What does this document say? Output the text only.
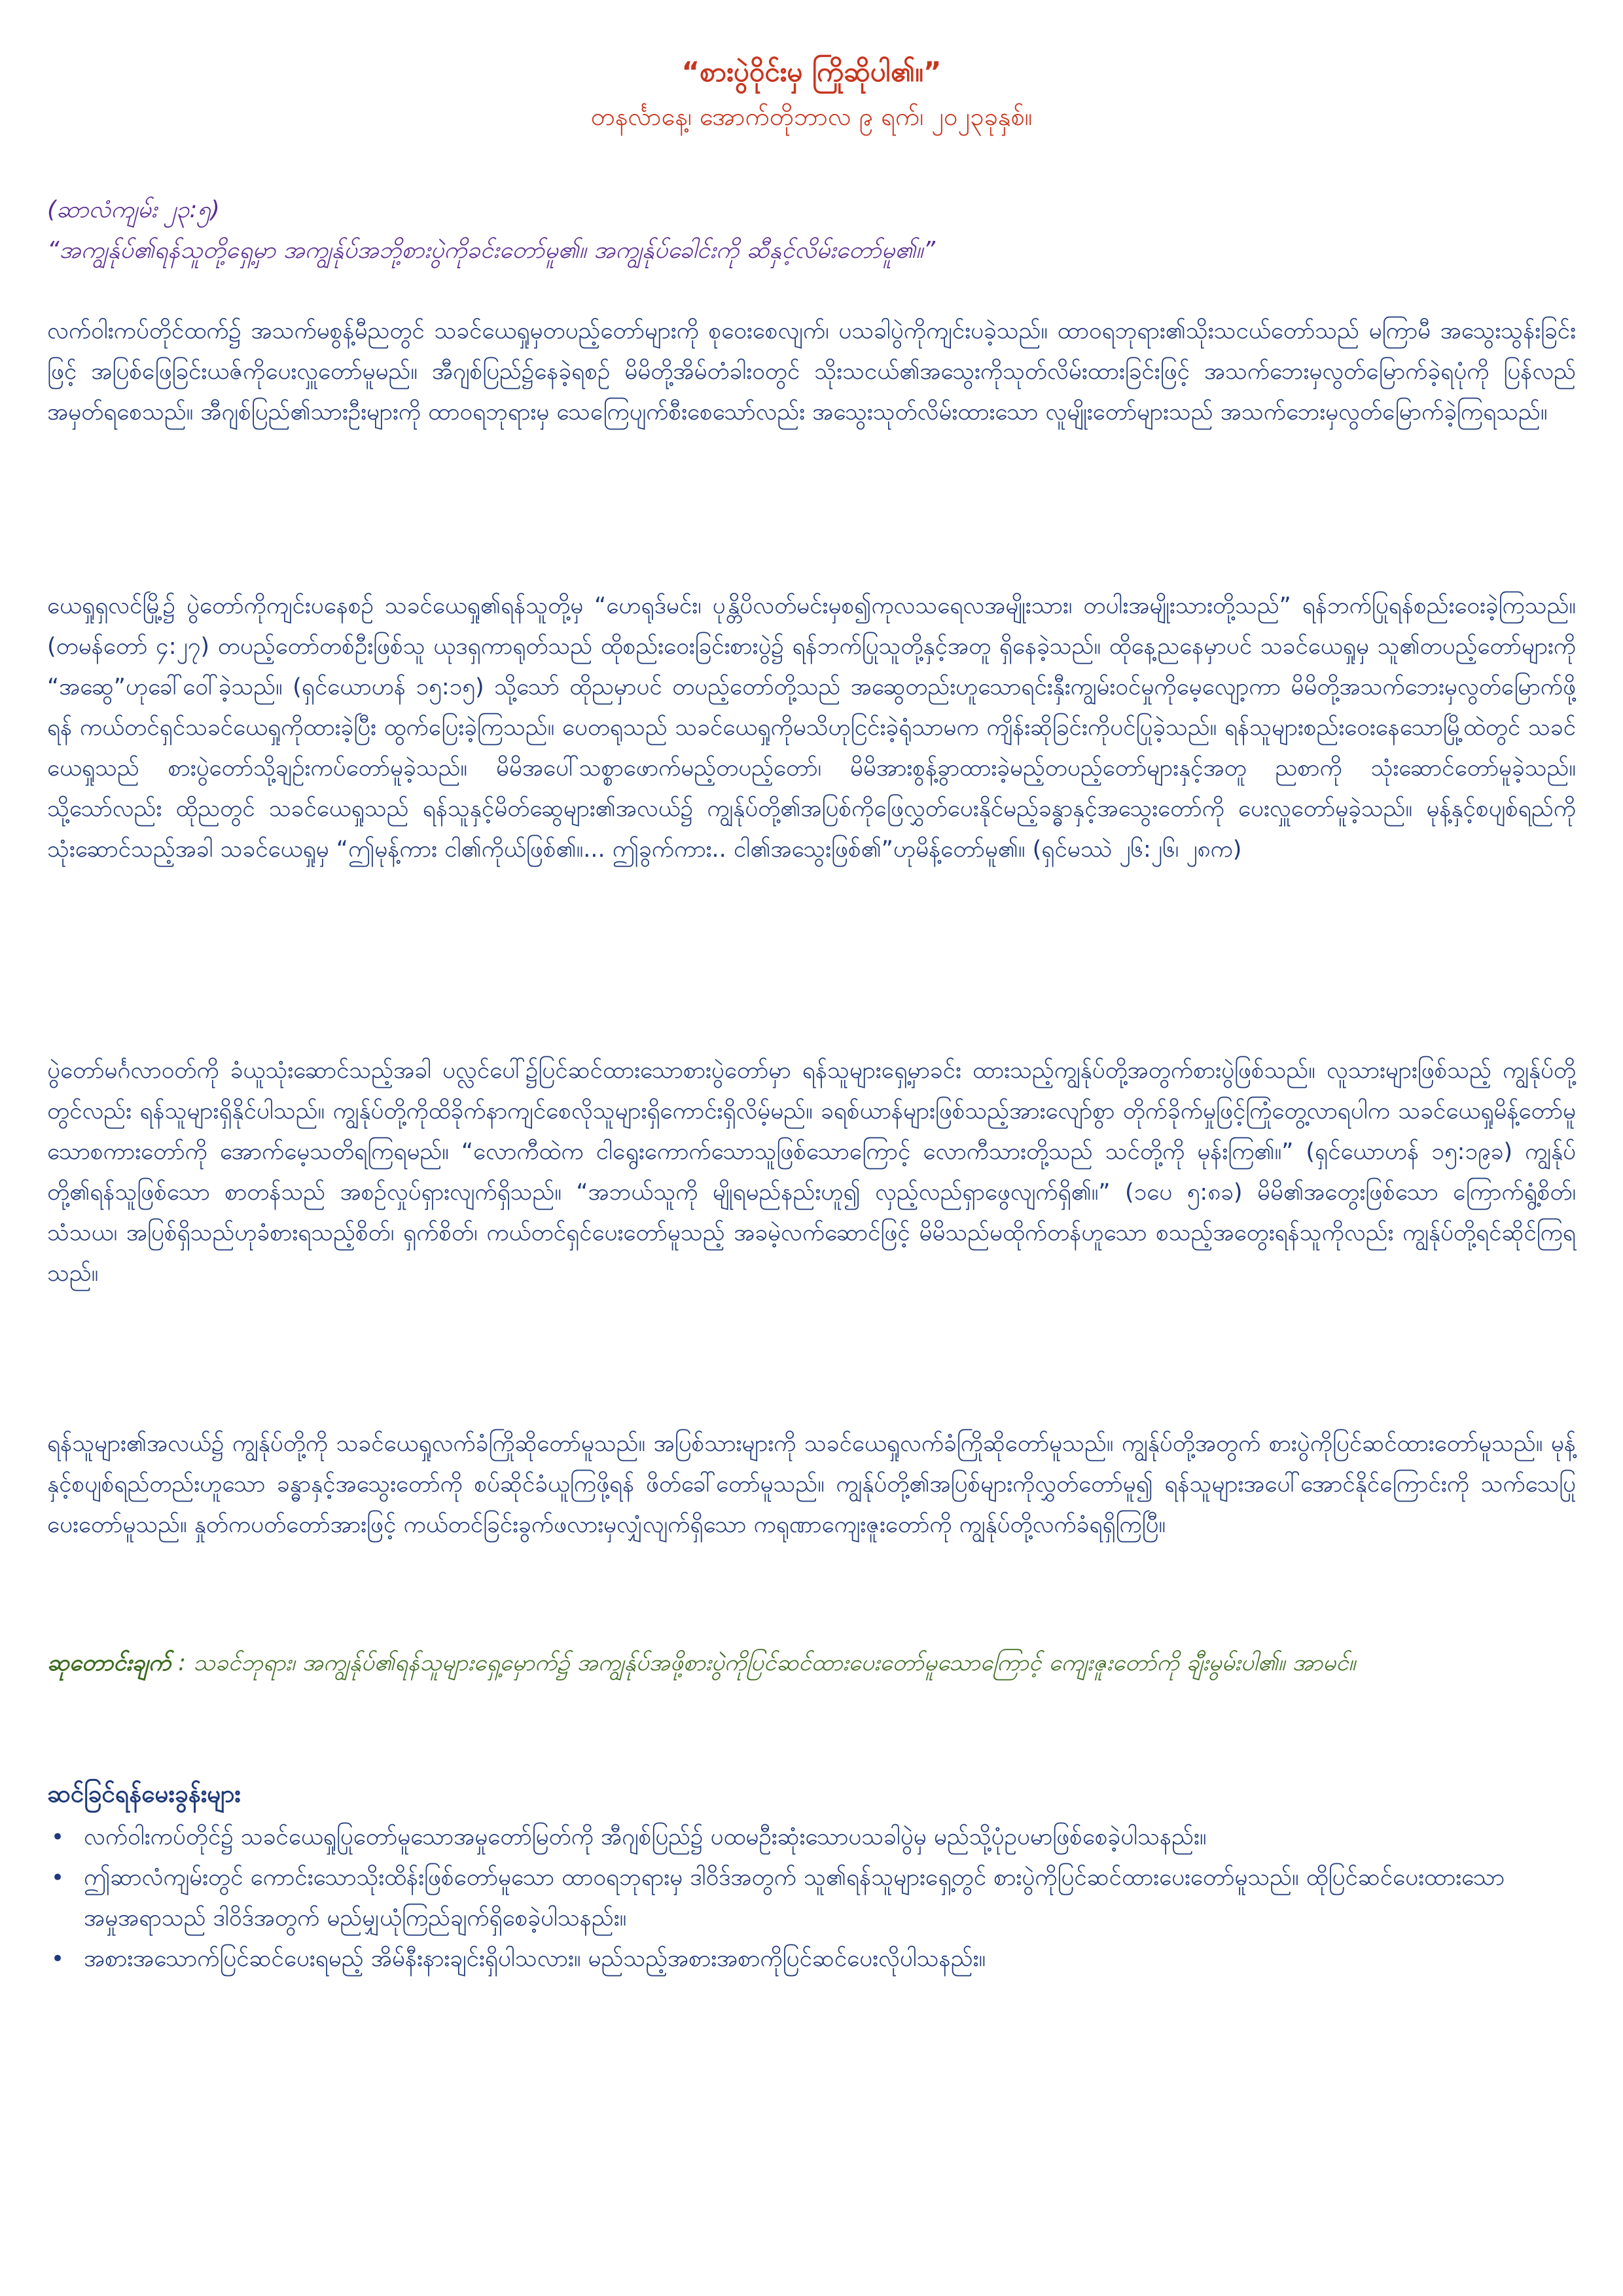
“စားပွဲဝိုင်းမှ ကြိုဆိုပါ၏။”
တနင်္လာနေ့၊ အောက်တိုဘာလ ၉ ရက်၊ ၂၀၂၃ခုနှစ်။
(ဆာလံကျမ်း ၂၃:၅)
“အကျွန်ုပ်၏ရန်သူတို့ရှေ့မှာ အကျွန်ုပ်အဘို့စားပွဲကိုခင်းတော်မူ၏။ အကျွန်ုပ်ခေါင်းကို ဆီနှင့်လိမ်းတော်မူ၏။”

လက်ဝါးကပ်တိုင်ထက်၌ အသက်မစွန့်မီညတွင် သခင်ယေရှုမှတပည့်တော်များကို စုဝေးစေလျက်၊ ပသခါပွဲကိုကျင်းပခဲ့သည်။ ထာဝရဘုရား၏သိုးသငယ်တော်သည် မကြာမီ အသွေးသွန်းခြင်းဖြင့် အပြစ်ဖြေခြင်းယဇ်ကိုပေးလှူတော်မူမည်။ အီဂျစ်ပြည်၌နေခဲ့ရစဉ် မိမိတို့အိမ်တံခါးဝတွင် သိုးသငယ်၏အသွေးကိုသုတ်လိမ်းထားခြင်းဖြင့် အသက်ဘေးမှလွတ်မြောက်ခဲ့ရပုံကို ပြန်လည်အမှတ်ရစေသည်။ အီဂျစ်ပြည်၏သားဦးများကို ထာဝရဘုရားမှ သေကြေပျက်စီးစေသော်လည်း အသွေးသုတ်လိမ်းထားသော လူမျိုးတော်များသည် အသက်ဘေးမှလွတ်မြောက်ခဲ့ကြရသည်။

ယေရှုရှလင်မြို့၌ ပွဲတော်ကိုကျင်းပနေစဉ် သခင်ယေရှု၏ရန်သူတို့မှ “ဟေရုဒ်မင်း၊ ပုန္တိပိလတ်မင်းမှစ၍ကုလသရေလအမျိုးသား၊ တပါးအမျိုးသားတို့သည်” ရန်ဘက်ပြုရန်စည်းဝေးခဲ့ကြသည်။ (တမန်တော် ၄:၂၇) တပည့်တော်တစ်ဦးဖြစ်သူ ယုဒရှကာရုတ်သည် ထိုစည်းဝေးခြင်းစားပွဲ၌ ရန်ဘက်ပြုသူတို့နှင့်အတူ ရှိနေခဲ့သည်။ ထိုနေ့ညနေမှာပင် သခင်ယေရှုမှ သူ၏တပည့်တော်များကို “အဆွေ”ဟုခေါ်ဝေါ်ခဲ့သည်။ (ရှင်ယောဟန် ၁၅:၁၅) သို့သော် ထိုညမှာပင် တပည့်တော်တို့သည် အဆွေတည်းဟူသောရင်းနှီးကျွမ်းဝင်မှုကိုမေ့လျော့ကာ မိမိတို့အသက်ဘေးမှလွတ်မြောက်ဖို့ရန် ကယ်တင်ရှင်သခင်ယေရှုကိုထားခဲ့ပြီး ထွက်ပြေးခဲ့ကြသည်။ ပေတရုသည် သခင်ယေရှုကိုမသိဟုငြင်းခဲ့ရုံသာမက ကျိန်းဆိုခြင်းကိုပင်ပြုခဲ့သည်။ ရန်သူများစည်းဝေးနေသောမြို့ထဲတွင် သခင်ယေရှုသည် စားပွဲတော်သို့ချဉ်းကပ်တော်မူခဲ့သည်။ မိမိအပေါ်သစ္စာဖောက်မည့်တပည့်တော်၊ မိမိအားစွန့်ခွာထားခဲ့မည့်တပည့်တော်များနှင့်အတူ ညစာကို သုံးဆောင်တော်မူခဲ့သည်။ သို့သော်လည်း ထိုညတွင် သခင်ယေရှုသည် ရန်သူနှင့်မိတ်ဆွေများ၏အလယ်၌ ကျွန်ုပ်တို့၏အပြစ်ကိုဖြေလွှတ်ပေးနိုင်မည့်ခန္ဓာနှင့်အသွေးတော်ကို ပေးလှူတော်မူခဲ့သည်။ မုန့်နှင့်စပျစ်ရည်ကိုသုံးဆောင်သည့်အခါ သခင်ယေရှုမှ “ဤမုန့်ကား ငါ၏ကိုယ်ဖြစ်၏။... ဤခွက်ကား.. ငါ၏အသွေးဖြစ်၏”ဟုမိန့်တော်မူ၏။ (ရှင်မဿဲ ၂၆:၂၆၊ ၂၈က)

ပွဲတော်မင်္ဂလာဝတ်ကို ခံယူသုံးဆောင်သည့်အခါ ပလ္လင်ပေါ်၌ပြင်ဆင်ထားသောစားပွဲတော်မှာ ရန်သူများရှေ့မှာခင်း ထားသည့်ကျွန်ုပ်တို့အတွက်စားပွဲဖြစ်သည်။ လူသားများဖြစ်သည့် ကျွန်ုပ်တို့တွင်လည်း ရန်သူများရှိနိုင်ပါသည်။ ကျွန်ုပ်တို့ကိုထိခိုက်နာကျင်စေလိုသူများရှိကောင်းရှိလိမ့်မည်။ ခရစ်ယာန်များဖြစ်သည့်အားလျော်စွာ တိုက်ခိုက်မှုဖြင့်ကြုံတွေ့လာရပါက သခင်ယေရှုမိန့်တော်မူသောစကားတော်ကို အောက်မေ့သတိရကြရမည်။ “လောကီထဲက ငါရွေးကောက်သောသူဖြစ်သောကြောင့် လောကီသားတို့သည် သင်တို့ကို မုန်းကြ၏။” (ရှင်ယောဟန် ၁၅:၁၉ခ) ကျွန်ုပ်တို့၏ရန်သူဖြစ်သော စာတန်သည် အစဉ်လှုပ်ရှားလျက်ရှိသည်။ “အဘယ်သူကို မျိုရမည်နည်းဟူ၍ လှည့်လည်ရှာဖွေလျက်ရှိ၏။” (၁ပေ ၅:၈ခ) မိမိ၏အတွေးဖြစ်သော ကြောက်ရွံ့စိတ်၊ သံသယ၊ အပြစ်ရှိသည်ဟုခံစားရသည့်စိတ်၊ ရှက်စိတ်၊ ကယ်တင်ရှင်ပေးတော်မူသည့် အခမဲ့လက်ဆောင်ဖြင့် မိမိသည်မထိုက်တန်ဟူသော စသည့်အတွေးရန်သူကိုလည်း ကျွန်ုပ်တို့ရင်ဆိုင်ကြရသည်။

ရန်သူများ၏အလယ်၌ ကျွန်ုပ်တို့ကို သခင်ယေရှုလက်ခံကြိုဆိုတော်မူသည်။ အပြစ်သားများကို သခင်ယေရှုလက်ခံကြိုဆိုတော်မူသည်။ ကျွန်ုပ်တို့အတွက် စားပွဲကိုပြင်ဆင်ထားတော်မူသည်။ မုန့်နှင့်စပျစ်ရည်တည်းဟူသော ခန္ဓာနှင့်အသွေးတော်ကို စပ်ဆိုင်ခံယူကြဖို့ရန် ဖိတ်ခေါ်တော်မူသည်။ ကျွန်ုပ်တို့၏အပြစ်များကိုလွှတ်တော်မူ၍ ရန်သူများအပေါ်အောင်နိုင်ကြောင်းကို သက်သေပြုပေးတော်မူသည်။ နှုတ်ကပတ်တော်အားဖြင့် ကယ်တင်ခြင်းခွက်ဖလားမှလျှံလျက်ရှိသော ကရုဏာကျေးဇူးတော်ကို ကျွန်ုပ်တို့လက်ခံရရှိကြပြီ။

ဆုတောင်းချက် : သခင်ဘုရား၊ အကျွန်ုပ်၏ရန်သူများရှေ့မှောက်၌ အကျွန်ုပ်အဖို့စားပွဲကိုပြင်ဆင်ထားပေးတော်မူသောကြောင့် ကျေးဇူးတော်ကို ချီးမွမ်းပါ၏။ အာမင်။
ဆင်ခြင်ရန်မေးခွန်းများ
• လက်ဝါးကပ်တိုင်၌ သခင်ယေရှုပြုတော်မူသောအမှုတော်မြတ်ကို အီဂျစ်ပြည်၌ ပထမဦးဆုံးသောပသခါပွဲမှ မည်သို့ပုံဥပမာဖြစ်စေခဲ့ပါသနည်း။
• ဤဆာလံကျမ်းတွင် ကောင်းသောသိုးထိန်းဖြစ်တော်မူသော ထာဝရဘုရားမှ ဒါဝိဒ်အတွက် သူ၏ရန်သူများရှေ့တွင် စားပွဲကိုပြင်ဆင်ထားပေးတော်မူသည်။ ထိုပြင်ဆင်ပေးထားသောအမှုအရာသည် ဒါဝိဒ်အတွက် မည်မျှယုံကြည်ချက်ရှိစေခဲ့ပါသနည်း။
• အစားအသောက်ပြင်ဆင်ပေးရမည့် အိမ်နီးနားချင်းရှိပါသလား။ မည်သည့်အစားအစာကိုပြင်ဆင်ပေးလိုပါသနည်း။
